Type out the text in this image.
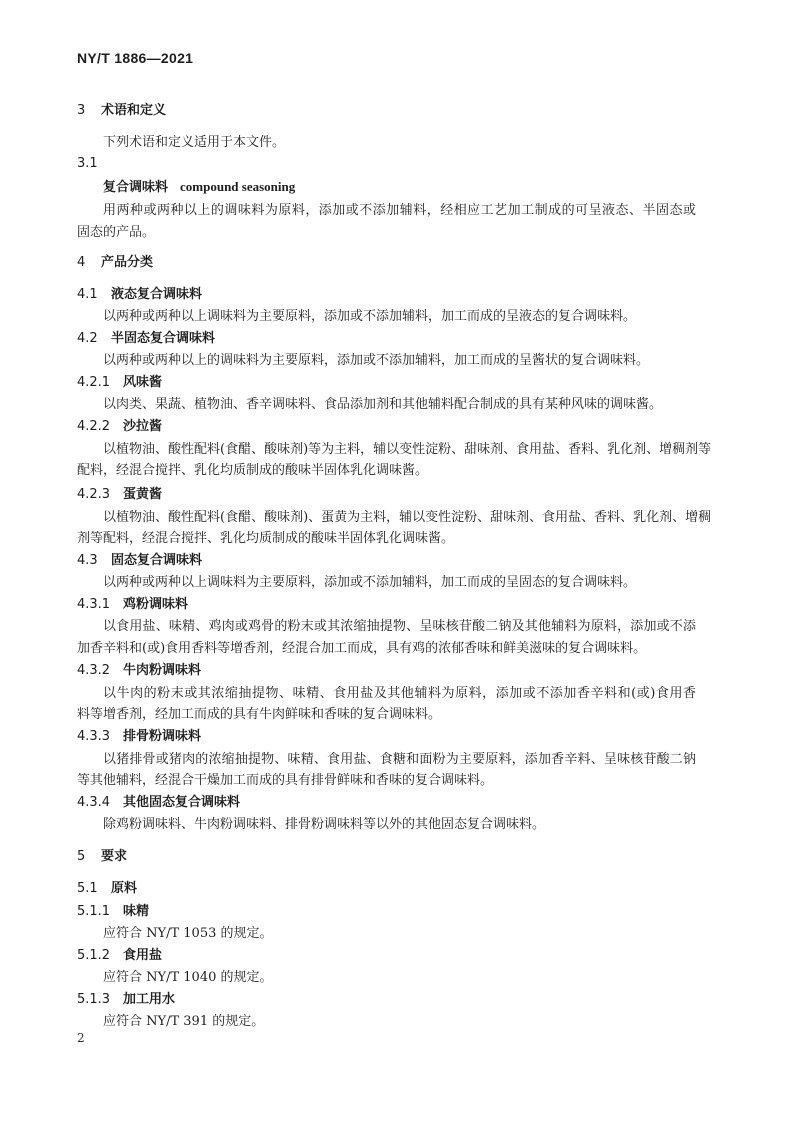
NY/T 1886—2021
3 术语和定义
下列术语和定义适用于本文件。
3.1
复合调味料 compound seasoning
用两种或两种以上的调味料为原料，添加或不添加辅料，经相应工艺加工制成的可呈液态、半固态或
固态的产品。
4 产品分类
4.1 液态复合调味料
以两种或两种以上调味料为主要原料，添加或不添加辅料，加工而成的呈液态的复合调味料。
4.2 半固态复合调味料
以两种或两种以上的调味料为主要原料，添加或不添加辅料，加工而成的呈酱状的复合调味料。
4.2.1 风味酱
以肉类、果蔬、植物油、香辛调味料、食品添加剂和其他辅料配合制成的具有某种风味的调味酱。
4.2.2 沙拉酱
以植物油、酸性配料(食醋、酸味剂)等为主料，辅以变性淀粉、甜味剂、食用盐、香料、乳化剂、增稠剂等
配料，经混合搅拌、乳化均质制成的酸味半固体乳化调味酱。
4.2.3 蛋黄酱
以植物油、酸性配料(食醋、酸味剂)、蛋黄为主料，辅以变性淀粉、甜味剂、食用盐、香料、乳化剂、增稠
剂等配料，经混合搅拌、乳化均质制成的酸味半固体乳化调味酱。
4.3 固态复合调味料
以两种或两种以上调味料为主要原料，添加或不添加辅料，加工而成的呈固态的复合调味料。
4.3.1 鸡粉调味料
以食用盐、味精、鸡肉或鸡骨的粉末或其浓缩抽提物、呈味核苷酸二钠及其他辅料为原料，添加或不添
加香辛料和(或)食用香料等增香剂，经混合加工而成，具有鸡的浓郁香味和鲜美滋味的复合调味料。
4.3.2 牛肉粉调味料
以牛肉的粉末或其浓缩抽提物、味精、食用盐及其他辅料为原料，添加或不添加香辛料和(或)食用香
料等增香剂，经加工而成的具有牛肉鲜味和香味的复合调味料。
4.3.3 排骨粉调味料
以猪排骨或猪肉的浓缩抽提物、味精、食用盐、食糖和面粉为主要原料，添加香辛料、呈味核苷酸二钠
等其他辅料，经混合干燥加工而成的具有排骨鲜味和香味的复合调味料。
4.3.4 其他固态复合调味料
除鸡粉调味料、牛肉粉调味料、排骨粉调味料等以外的其他固态复合调味料。
5 要求
5.1 原料
5.1.1 味精
应符合 NY/T 1053 的规定。
5.1.2 食用盐
应符合 NY/T 1040 的规定。
5.1.3 加工用水
应符合 NY/T 391 的规定。
2
